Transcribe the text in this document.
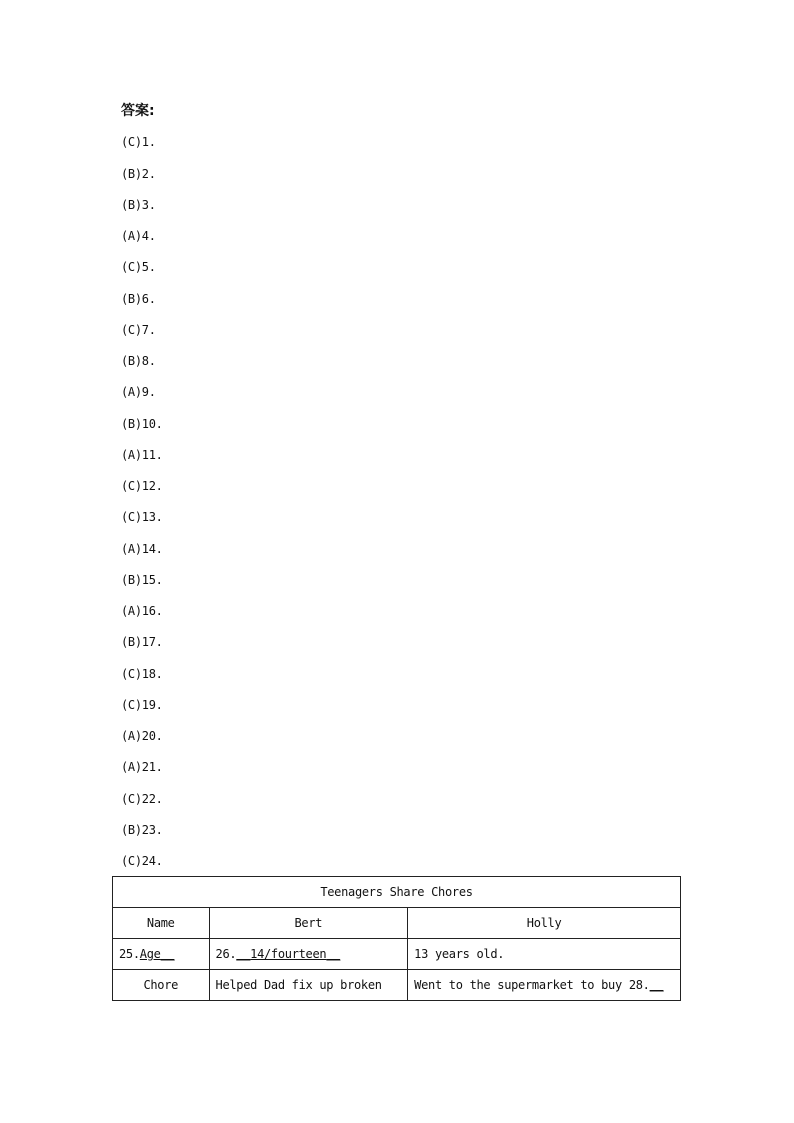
答案:
(C)1.
(B)2.
(B)3.
(A)4.
(C)5.
(B)6.
(C)7.
(B)8.
(A)9.
(B)10.
(A)11.
(C)12.
(C)13.
(A)14.
(B)15.
(A)16.
(B)17.
(C)18.
(C)19.
(A)20.
(A)21.
(C)22.
(B)23.
(C)24.
Teenagers Share Chores		
Name	Bert	Holly
25.Age__	26.__14/fourteen__	13 years old.
Chore	Helped Dad fix up broken	Went to the supermarket to buy 28.__
